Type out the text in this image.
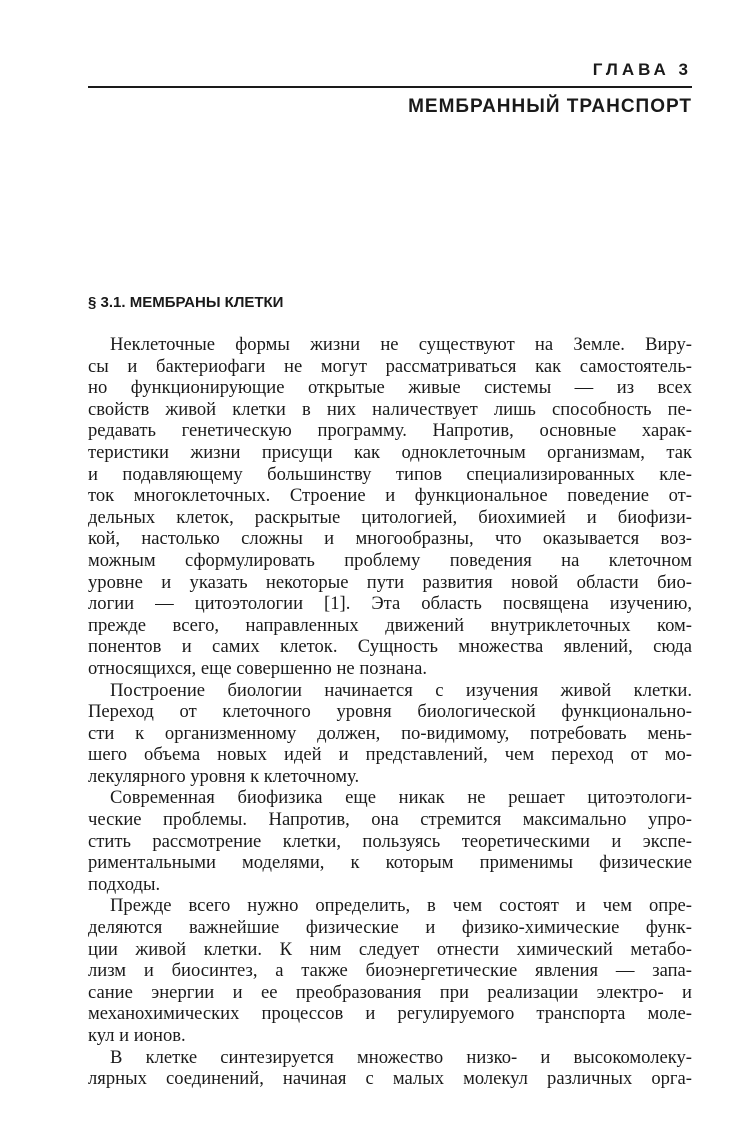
ГЛАВА 3
МЕМБРАННЫЙ ТРАНСПОРТ
§ 3.1. МЕМБРАНЫ КЛЕТКИ

Неклеточные формы жизни не существуют на Земле. Виру-
сы и бактериофаги не могут рассматриваться как самостоятель-
но функционирующие открытые живые системы — из всех
свойств живой клетки в них наличествует лишь способность пе-
редавать генетическую программу. Напротив, основные харак-
теристики жизни присущи как одноклеточным организмам, так
и подавляющему большинству типов специализированных кле-
ток многоклеточных. Строение и функциональное поведение от-
дельных клеток, раскрытые цитологией, биохимией и биофизи-
кой, настолько сложны и многообразны, что оказывается воз-
можным сформулировать проблему поведения на клеточном
уровне и указать некоторые пути развития новой области био-
логии — цитоэтологии [1]. Эта область посвящена изучению,
прежде всего, направленных движений внутриклеточных ком-
понентов и самих клеток. Сущность множества явлений, сюда
относящихся, еще совершенно не познана.

Построение биологии начинается с изучения живой клетки.
Переход от клеточного уровня биологической функционально-
сти к организменному должен, по-видимому, потребовать мень-
шего объема новых идей и представлений, чем переход от мо-
лекулярного уровня к клеточному.

Современная биофизика еще никак не решает цитоэтологи-
ческие проблемы. Напротив, она стремится максимально упро-
стить рассмотрение клетки, пользуясь теоретическими и экспе-
риментальными моделями, к которым применимы физические
подходы.

Прежде всего нужно определить, в чем состоят и чем опре-
деляются важнейшие физические и физико-химические функ-
ции живой клетки. К ним следует отнести химический метабо-
лизм и биосинтез, а также биоэнергетические явления — запа-
сание энергии и ее преобразования при реализации электро- и
механохимических процессов и регулируемого транспорта моле-
кул и ионов.

В клетке синтезируется множество низко- и высокомолеку-
лярных соединений, начиная с малых молекул различных орга-
